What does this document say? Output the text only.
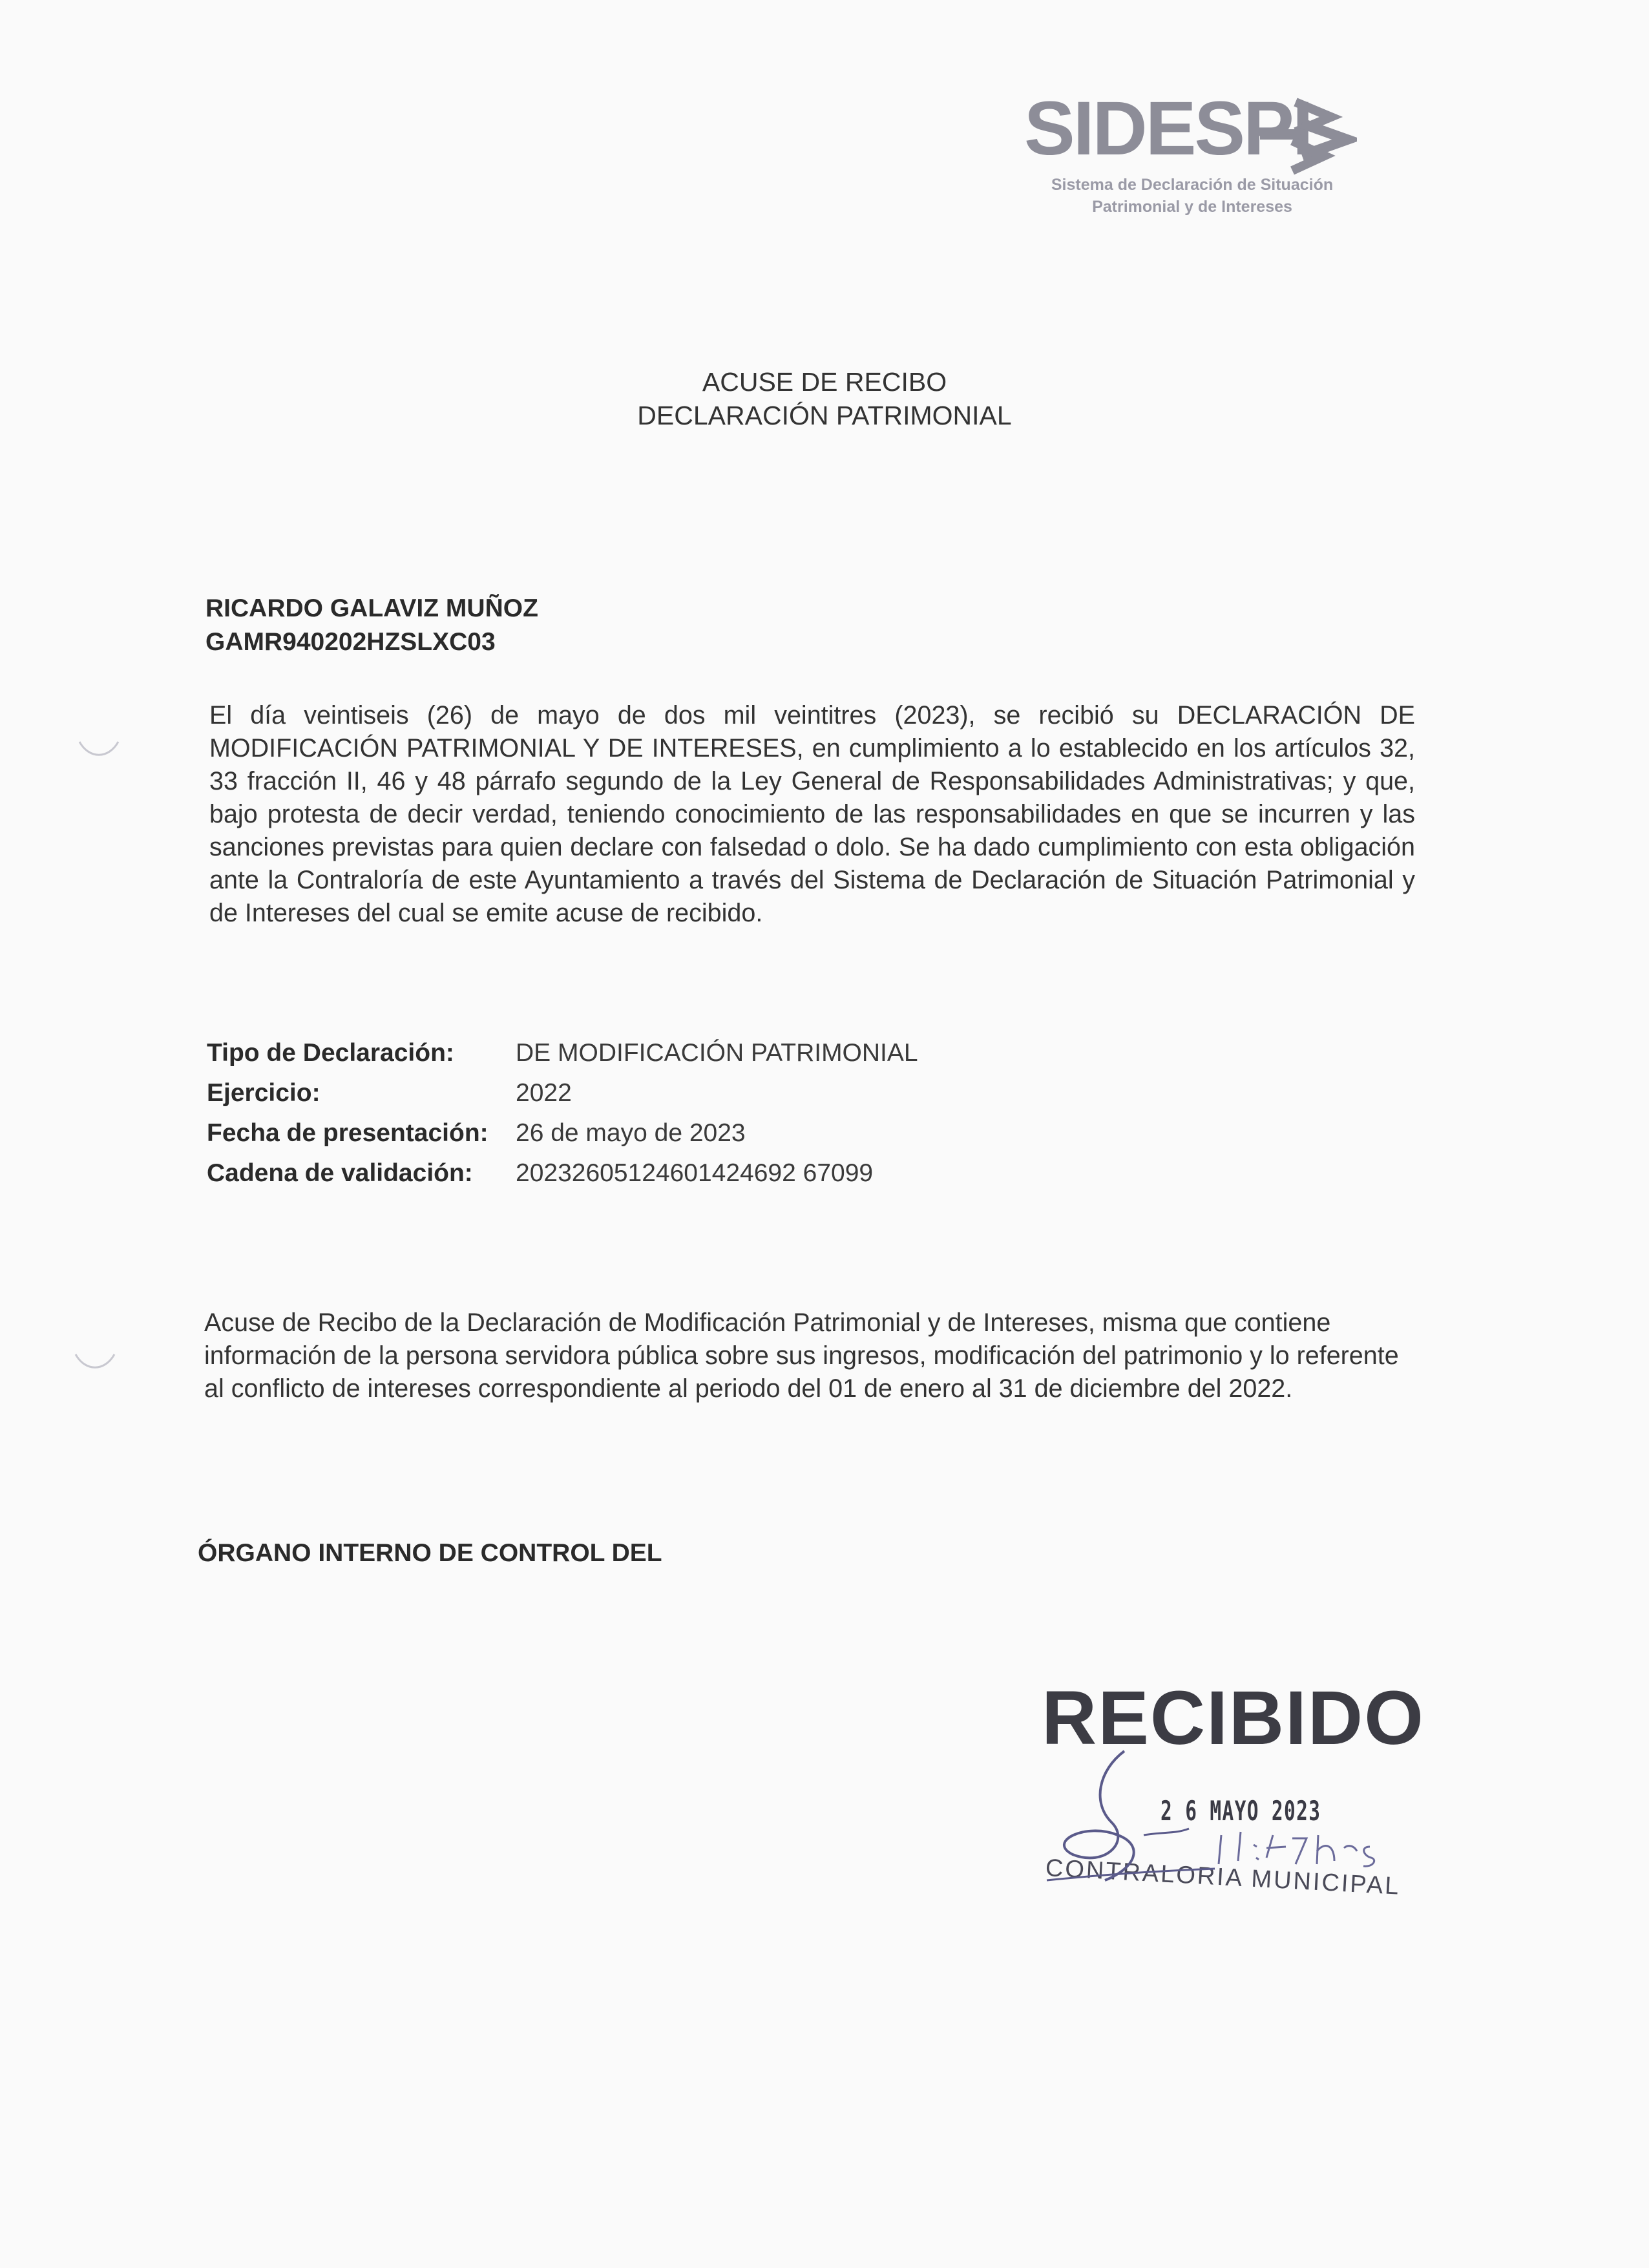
SIDESPI
Sistema de Declaración de Situación
Patrimonial y de Intereses
ACUSE DE RECIBO
DECLARACIÓN PATRIMONIAL
RICARDO GALAVIZ MUÑOZ
GAMR940202HZSLXC03
El día veintiseis (26) de mayo de dos mil veintitres (2023), se recibió su DECLARACIÓN DE MODIFICACIÓN PATRIMONIAL Y DE INTERESES, en cumplimiento a lo establecido en los artículos 32, 33 fracción II, 46 y 48 párrafo segundo de la Ley General de Responsabilidades Administrativas; y que, bajo protesta de decir verdad, teniendo conocimiento de las responsabilidades en que se incurren y las sanciones previstas para quien declare con falsedad o dolo. Se ha dado cumplimiento con esta obligación ante la Contraloría de este Ayuntamiento a través del Sistema de Declaración de Situación Patrimonial y de Intereses del cual se emite acuse de recibido.
Tipo de Declaración: DE MODIFICACIÓN PATRIMONIAL
Ejercicio:	2022
Fecha de presentación: 26 de mayo de 2023
Cadena de validación: 20232605124601424692 67099
Acuse de Recibo de la Declaración de Modificación Patrimonial y de Intereses, misma que contiene información de la persona servidora pública sobre sus ingresos, modificación del patrimonio y lo referente al conflicto de intereses correspondiente al periodo del 01 de enero al 31 de diciembre del 2022.
ÓRGANO INTERNO DE CONTROL DEL
RECIBIDO
2 6 MAYO 2023
CONTRALORIA MUNICIPAL
